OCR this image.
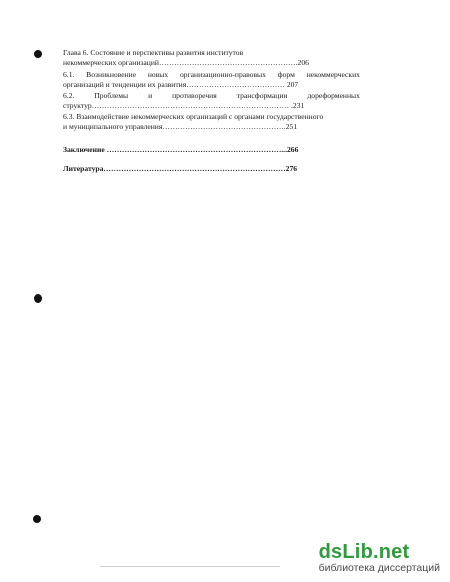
Глава 6. Состояние и перспективы развития институтов
некоммерческих организаций……………………………………………….206
6.1. Возникновение новых организационно-правовых форм некоммерческих
организаций и тенденции их развития………………………………… 207
6.2.	Проблемы	и	противоречия	трансформации	дореформенных
структур…………………………………………………………………… .231
6.3. Взаимодействие некоммерческих организаций с органами государственного
и муниципального управления………………………………………….251
Заключение ……………………………………………………………...266
Литература………………………………………………………………276
dsLib.net
библиотека диссертаций
